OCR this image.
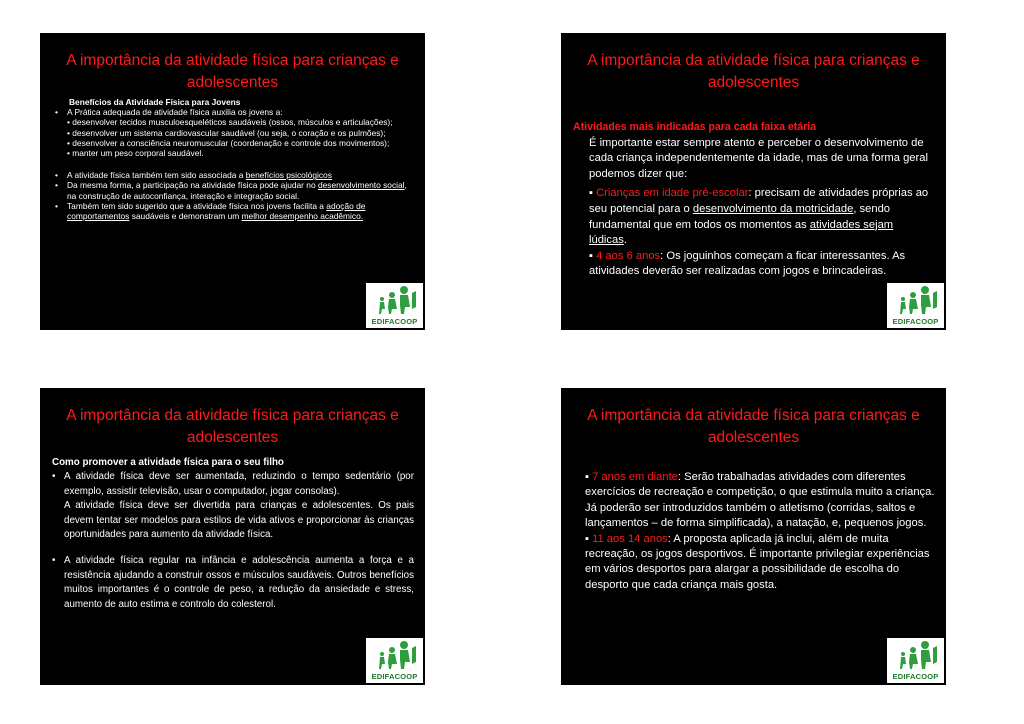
A importância da atividade física para crianças e adolescentes

Benefícios da Atividade Física para Jovens

• A Prática adequada de atividade física auxilia os jovens a:

• desenvolver tecidos musculoesqueléticos saudáveis (ossos, músculos e articulações);

• desenvolver um sistema cardiovascular saudável (ou seja, o coração e os pulmões);

• desenvolver a consciência neuromuscular (coordenação e controle dos movimentos);

• manter um peso corporal saudável.

• A atividade física também tem sido associada a benefícios psicológicos
• Da mesma forma, a participação na atividade física pode ajudar no desenvolvimento social, na construção de autoconfiança, interação e integração social.
• Também tem sido sugerido que a atividade física nos jovens facilita a adoção de comportamentos saudáveis e demonstram um melhor desempenho acadêmico.
EDIFACOOP
A importância da atividade física para crianças e adolescentes

Atividades mais indicadas para cada faixa etária

É importante estar sempre atento e perceber o desenvolvimento de cada criança independentemente da idade, mas de uma forma geral podemos dizer que:

▪ Crianças em idade pré-escolar: precisam de atividades próprias ao seu potencial para o desenvolvimento da motricidade, sendo fundamental que em todos os momentos as atividades sejam lúdicas.

▪ 4 aos 6 anos: Os joguinhos começam a ficar interessantes. As atividades deverão ser realizadas com jogos e brincadeiras.

EDIFACOOP
A importância da atividade física para crianças e adolescentes

Como promover a atividade física para o seu filho

• A atividade física deve ser aumentada, reduzindo o tempo sedentário (por exemplo, assistir televisão, usar o computador, jogar consolas).

A atividade física deve ser divertida para crianças e adolescentes. Os pais devem tentar ser modelos para estilos de vida ativos e proporcionar às crianças oportunidades para aumento da atividade física.

• A atividade física regular na infância e adolescência aumenta a força e a resistência ajudando a construir ossos e músculos saudáveis. Outros benefícios muitos importantes é o controle de peso, a redução da ansiedade e stress, aumento de auto estima e controlo do colesterol.
EDIFACOOP
A importância da atividade física para crianças e adolescentes

▪ 7 anos em diante: Serão trabalhadas atividades com diferentes exercícios de recreação e competição, o que estimula muito a criança. Já poderão ser introduzidos também o atletismo (corridas, saltos e lançamentos – de forma simplificada), a natação, e, pequenos jogos.

▪ 11 aos 14 anos: A proposta aplicada já inclui, além de muita recreação, os jogos desportivos. É importante privilegiar experiências em vários desportos para alargar a possibilidade de escolha do desporto que cada criança mais gosta.

EDIFACOOP
